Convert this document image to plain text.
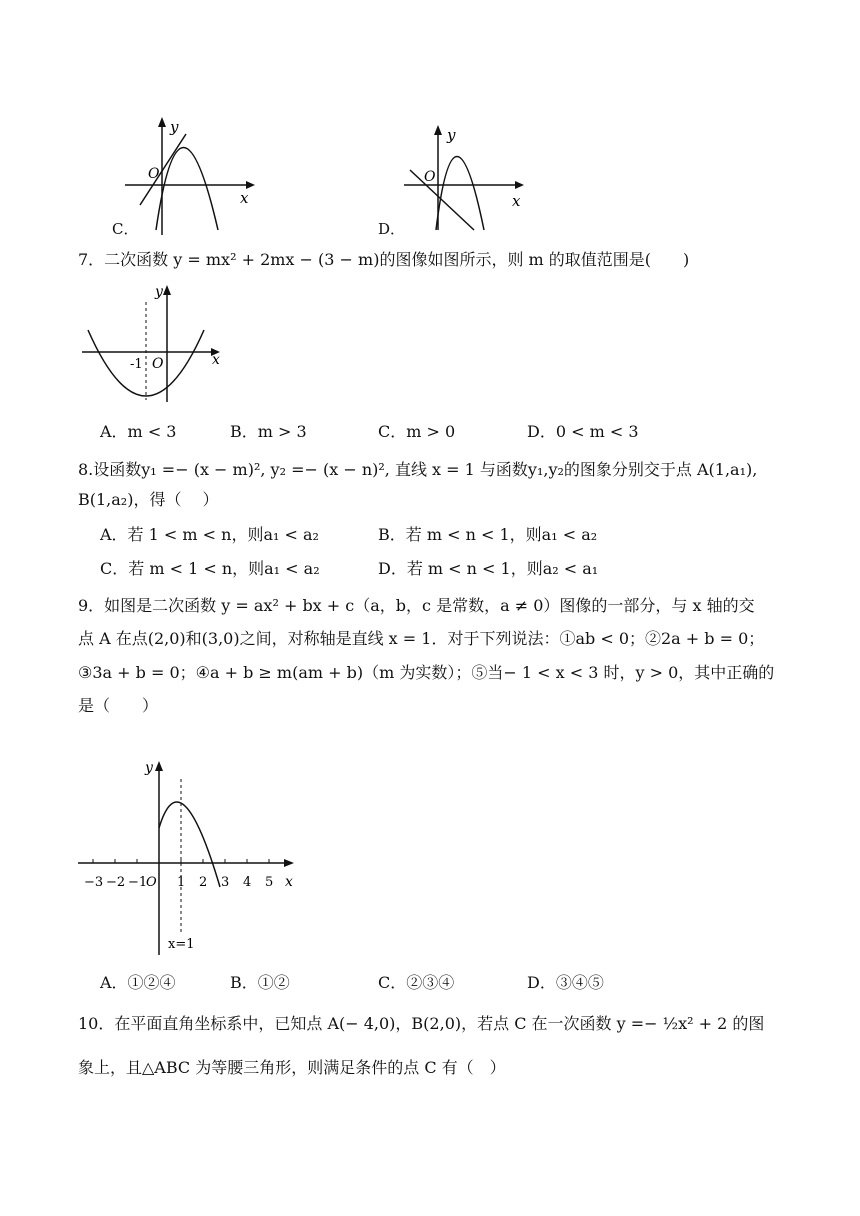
y
x
O
C．
y
x
O
D．
7．二次函数 y = mx² + 2mx − (3 − m)的图像如图所示，则 m 的取值范围是(　　)
y
x
O
-1
A．m < 3	B．m > 3	C．m > 0	D．0 < m < 3
8.设函数y₁ =− (x − m)², y₂ =− (x − n)², 直线 x = 1 与函数y₁,y₂的图象分别交于点 A(1,a₁),
B(1,a₂)，得（　 ）
A．若 1 < m < n，则a₁ < a₂	B．若 m < n < 1，则a₁ < a₂
C．若 m < 1 < n，则a₁ < a₂	D．若 m < n < 1，则a₂ < a₁
9．如图是二次函数 y = ax² + bx + c（a，b，c 是常数，a ≠ 0）图像的一部分，与 x 轴的交
点 A 在点(2,0)和(3,0)之间，对称轴是直线 x = 1．对于下列说法：①ab < 0；②2a + b = 0；
③3a + b = 0；④a + b ≥ m(am + b)（m 为实数）；⑤当− 1 < x < 3 时，y > 0，其中正确的
是（　　）
y
x
−3 −2 −1
O 1 2 3 4 5
x=1
A．①②④	B．①②	C．②③④	D．③④⑤
10．在平面直角坐标系中，已知点 A(− 4,0)，B(2,0)，若点 C 在一次函数 y =− ½x² + 2 的图
象上，且△ABC 为等腰三角形，则满足条件的点 C 有（　）
